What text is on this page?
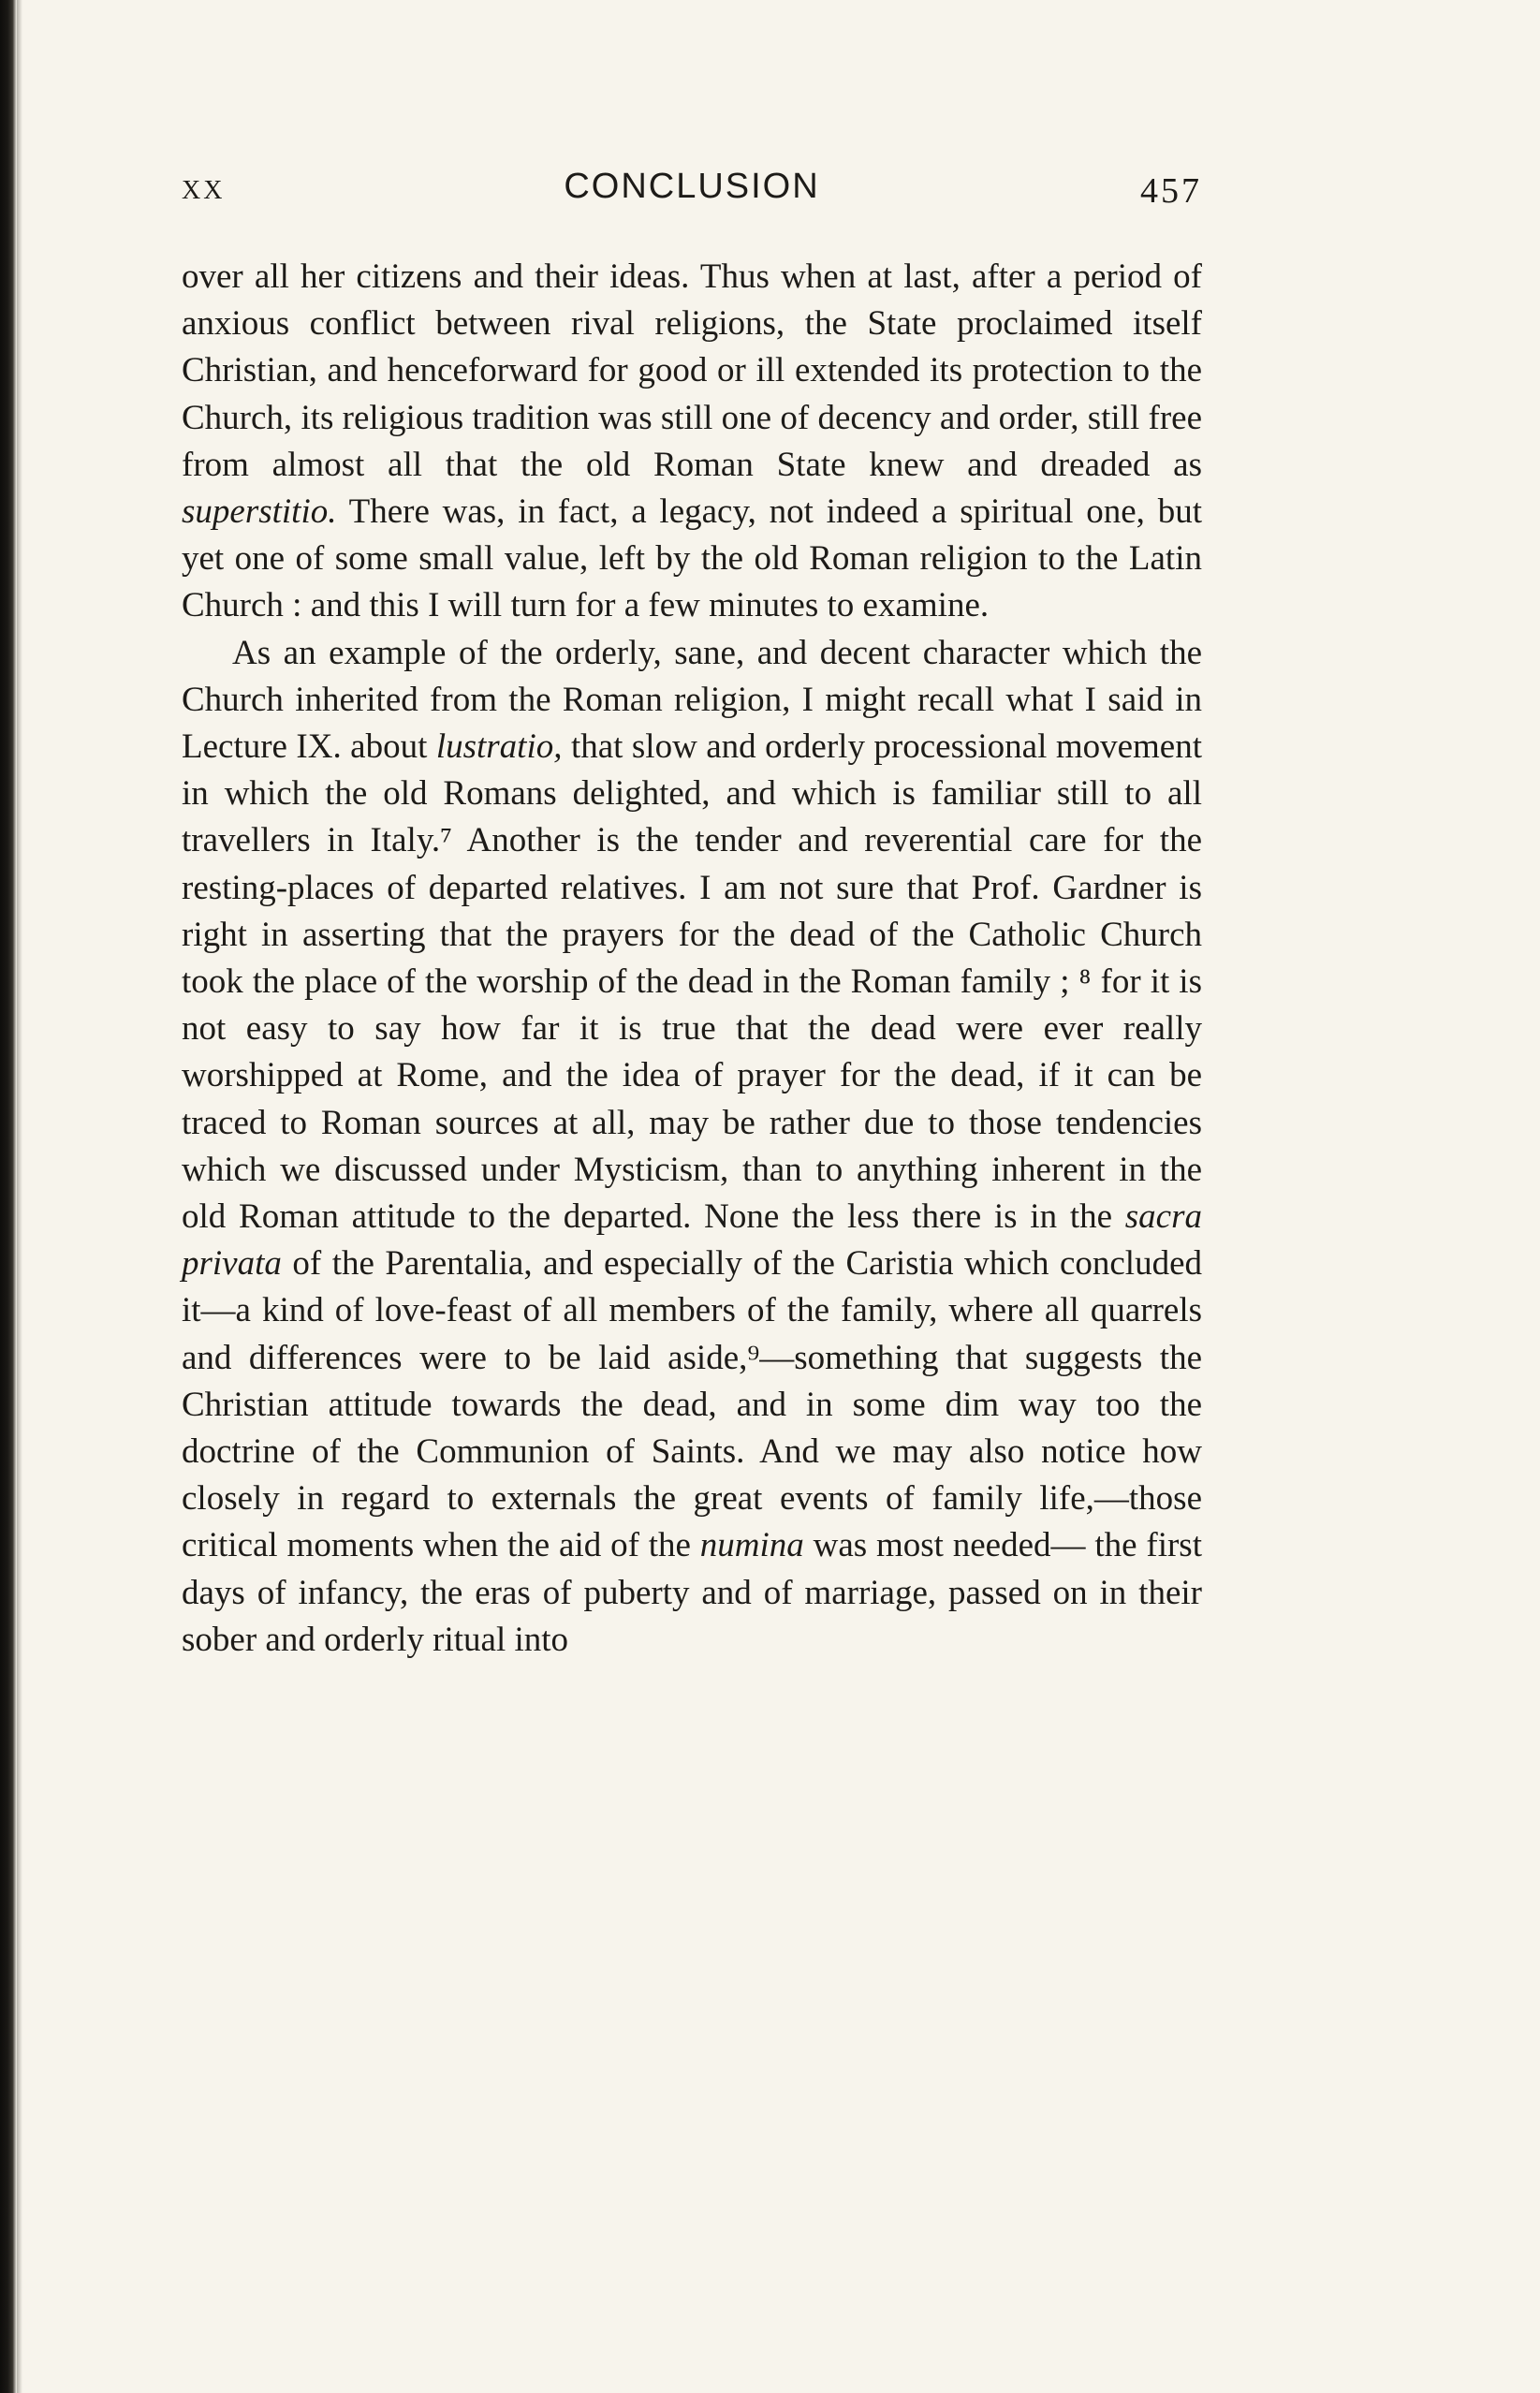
XX	CONCLUSION	457

over all her citizens and their ideas. Thus when at last, after a period of anxious conflict between rival religions, the State proclaimed itself Christian, and henceforward for good or ill extended its protection to the Church, its religious tradition was still one of decency and order, still free from almost all that the old Roman State knew and dreaded as superstitio. There was, in fact, a legacy, not indeed a spiritual one, but yet one of some small value, left by the old Roman religion to the Latin Church : and this I will turn for a few minutes to examine.

As an example of the orderly, sane, and decent character which the Church inherited from the Roman religion, I might recall what I said in Lecture IX. about lustratio, that slow and orderly processional movement in which the old Romans delighted, and which is familiar still to all travellers in Italy.⁷ Another is the tender and reverential care for the resting-places of departed relatives. I am not sure that Prof. Gardner is right in asserting that the prayers for the dead of the Catholic Church took the place of the worship of the dead in the Roman family ; ⁸ for it is not easy to say how far it is true that the dead were ever really worshipped at Rome, and the idea of prayer for the dead, if it can be traced to Roman sources at all, may be rather due to those tendencies which we discussed under Mysticism, than to anything inherent in the old Roman attitude to the departed. None the less there is in the sacra privata of the Parentalia, and especially of the Caristia which concluded it—a kind of love-feast of all members of the family, where all quarrels and differences were to be laid aside,⁹—something that suggests the Christian attitude towards the dead, and in some dim way too the doctrine of the Communion of Saints. And we may also notice how closely in regard to externals the great events of family life,—those critical moments when the aid of the numina was most needed— the first days of infancy, the eras of puberty and of marriage, passed on in their sober and orderly ritual into
